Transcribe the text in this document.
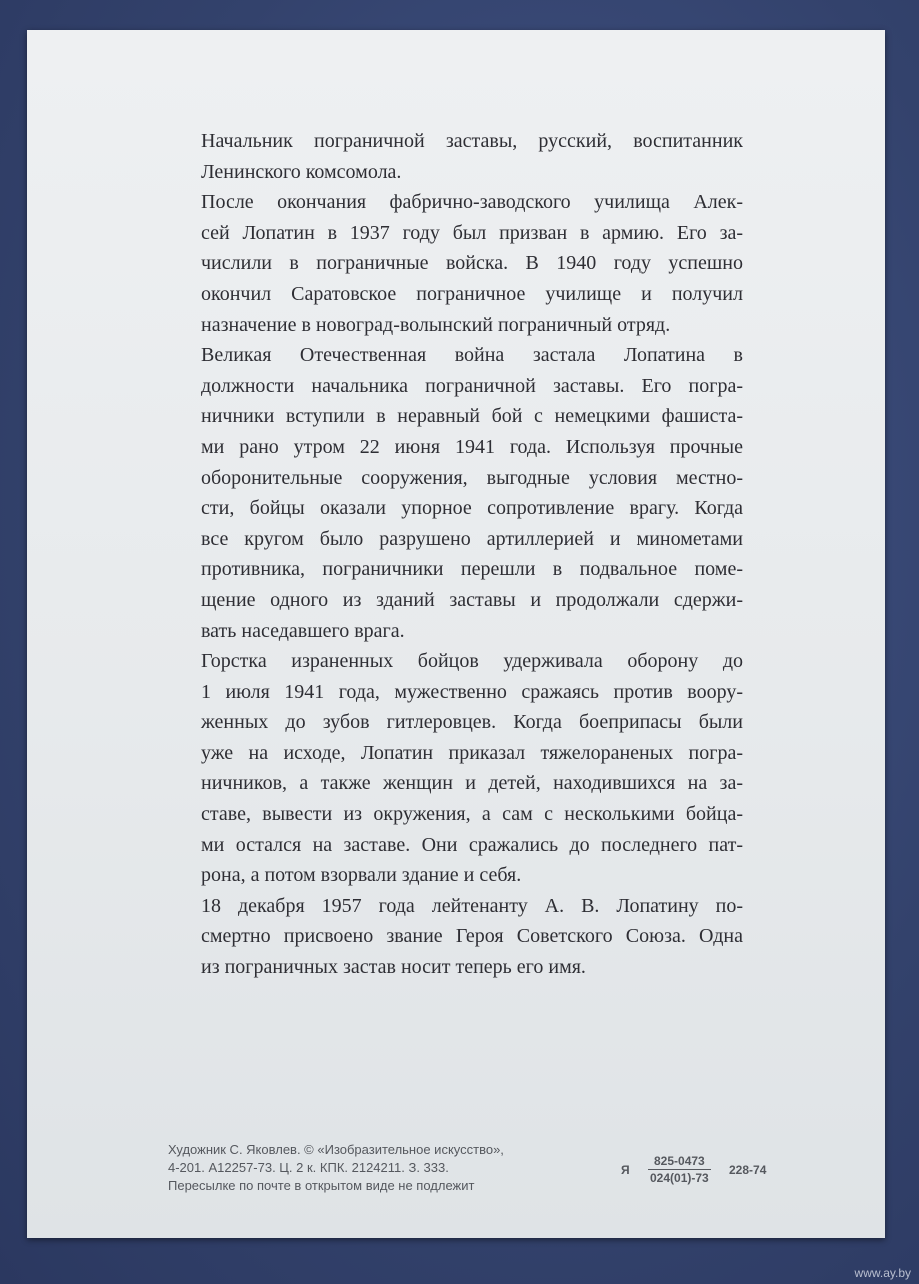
Начальник пограничной заставы, русский, воспитанник
Ленинского комсомола.

После окончания фабрично-заводского училища Алек-
сей Лопатин в 1937 году был призван в армию. Его за-
числили в пограничные войска. В 1940 году успешно
окончил Саратовское пограничное училище и получил
назначение в новоград-волынский пограничный отряд.

Великая Отечественная война застала Лопатина в
должности начальника пограничной заставы. Его погра-
ничники вступили в неравный бой с немецкими фашиста-
ми рано утром 22 июня 1941 года. Используя прочные
оборонительные сооружения, выгодные условия местно-
сти, бойцы оказали упорное сопротивление врагу. Когда
все кругом было разрушено артиллерией и минометами
противника, пограничники перешли в подвальное поме-
щение одного из зданий заставы и продолжали сдержи-
вать наседавшего врага.

Горстка израненных бойцов удерживала оборону до
1 июля 1941 года, мужественно сражаясь против воору-
женных до зубов гитлеровцев. Когда боеприпасы были
уже на исходе, Лопатин приказал тяжелораненых погра-
ничников, а также женщин и детей, находившихся на за-
ставе, вывести из окружения, а сам с несколькими бойца-
ми остался на заставе. Они сражались до последнего пат-
рона, а потом взорвали здание и себя.

18 декабря 1957 года лейтенанту А. В. Лопатину по-
смертно присвоено звание Героя Советского Союза. Одна
из пограничных застав носит теперь его имя.

Художник С. Яковлев. © «Изобразительное искусство»,
4-201. А12257-73. Ц. 2 к. КПК. 2124211. З. 333.
Пересылке по почте в открытом виде не подлежит
Я $\frac{825-0473}{024(01)-73} 228-74$
www.ay.by
